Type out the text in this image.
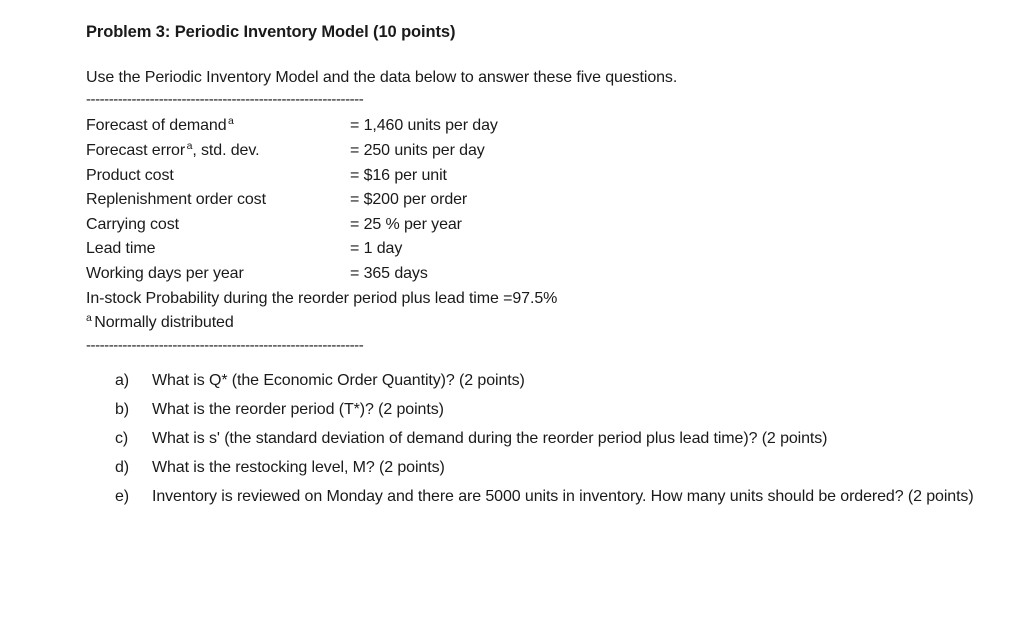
Problem 3: Periodic Inventory Model (10 points)

Use the Periodic Inventory Model and the data below to answer these five questions.

-------------------------------------------------------------
Forecast of demand $^a$	= 1,460 units per day
Forecast error $^a$, std. dev.	= 250 units per day
Product cost	= $16 per unit
Replenishment order cost	= $200 per order
Carrying cost	= 25 % per year
Lead time	= 1 day
Working days per year	= 365 days

In-stock Probability during the reorder period plus lead time =97.5%

$^a$ Normally distributed

-------------------------------------------------------------
a)	What is Q* (the Economic Order Quantity)? (2 points)
b)	What is the reorder period (T*)? (2 points)
c)	What is s' (the standard deviation of demand during the reorder period plus lead time)? (2 points)
d)	What is the restocking level, M? (2 points)
e)	Inventory is reviewed on Monday and there are 5000 units in inventory. How many units should be ordered? (2 points)
